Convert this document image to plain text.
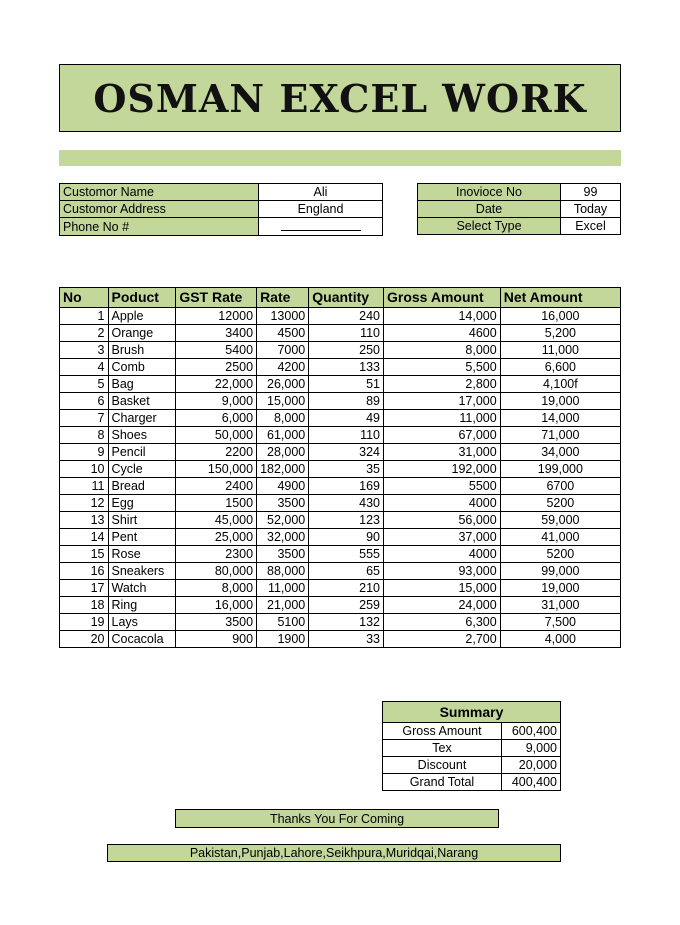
OSMAN EXCEL WORK
Customor Name	Ali
Customor Address	England
Phone No #	
Inovioce No	99
Date	Today
Select Type	Excel
No	Poduct	GST Rate	Rate	Quantity	Gross Amount	Net Amount
1	Apple	12000	13000	240	14,000	16,000
2	Orange	3400	4500	110	4600	5,200
3	Brush	5400	7000	250	8,000	11,000
4	Comb	2500	4200	133	5,500	6,600
5	Bag	22,000	26,000	51	2,800	4,100f
6	Basket	9,000	15,000	89	17,000	19,000
7	Charger	6,000	8,000	49	11,000	14,000
8	Shoes	50,000	61,000	110	67,000	71,000
9	Pencil	2200	28,000	324	31,000	34,000
10	Cycle	150,000	182,000	35	192,000	199,000
11	Bread	2400	4900	169	5500	6700
12	Egg	1500	3500	430	4000	5200
13	Shirt	45,000	52,000	123	56,000	59,000
14	Pent	25,000	32,000	90	37,000	41,000
15	Rose	2300	3500	555	4000	5200
16	Sneakers	80,000	88,000	65	93,000	99,000
17	Watch	8,000	11,000	210	15,000	19,000
18	Ring	16,000	21,000	259	24,000	31,000
19	Lays	3500	5100	132	6,300	7,500
20	Cocacola	900	1900	33	2,700	4,000
Summary	
Gross Amount	600,400
Tex	9,000
Discount	20,000
Grand Total	400,400
Thanks You For Coming
Pakistan,Punjab,Lahore,Seikhpura,Muridqai,Narang
